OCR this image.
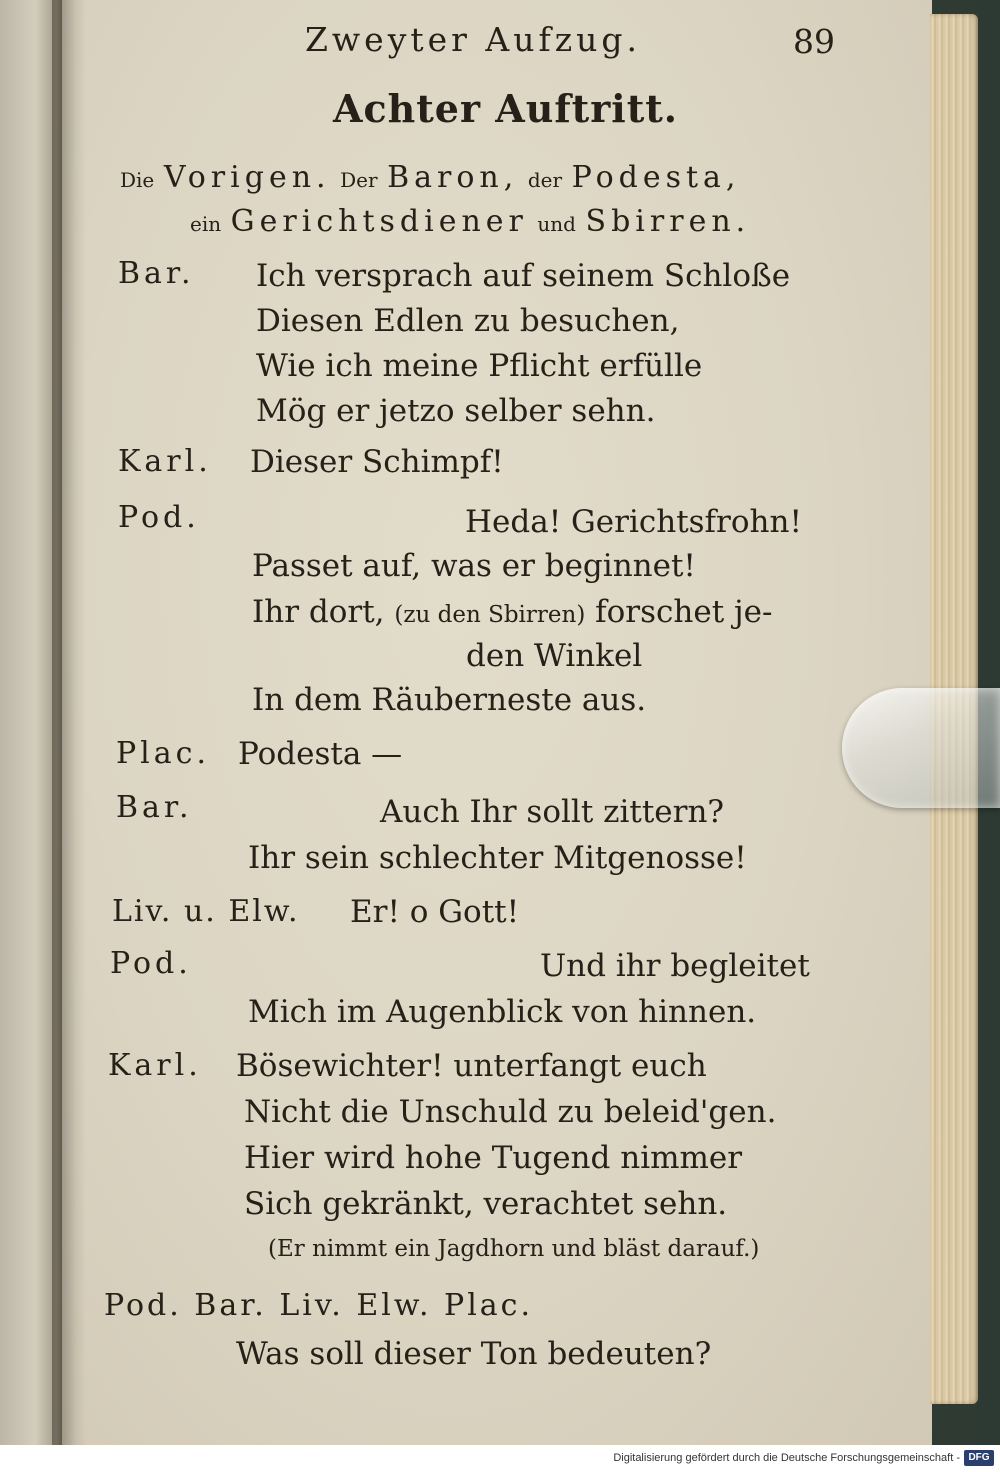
Zweyter Aufzug.	89
Achter Auftritt.
Die Vorigen. Der Baron, der Podesta,
ein Gerichtsdiener und Sbirren.
Bar. Ich versprach auf seinem Schloße
Diesen Edlen zu besuchen,
Wie ich meine Pflicht erfülle
Mög er jetzo selber sehn.
Karl. Dieser Schimpf!
Pod.	Heda! Gerichtsfrohn!
Passet auf, was er beginnet!
Ihr dort, (zu den Sbirren) forschet je-
den Winkel
In dem Räuberneste aus.
Plac. Podesta —
Bar.	Auch Ihr sollt zittern?
Ihr sein schlechter Mitgenosse!
Liv. u. Elw. Er! o Gott!
Pod.	Und ihr begleitet
Mich im Augenblick von hinnen.
Karl. Bösewichter! unterfangt euch
Nicht die Unschuld zu beleid'gen.
Hier wird hohe Tugend nimmer
Sich gekränkt, verachtet sehn.
(Er nimmt ein Jagdhorn und bläst darauf.)
Pod. Bar. Liv. Elw. Plac.
Was soll dieser Ton bedeuten?
Digitalisierung gefördert durch die Deutsche Forschungsgemeinschaft - DFG
